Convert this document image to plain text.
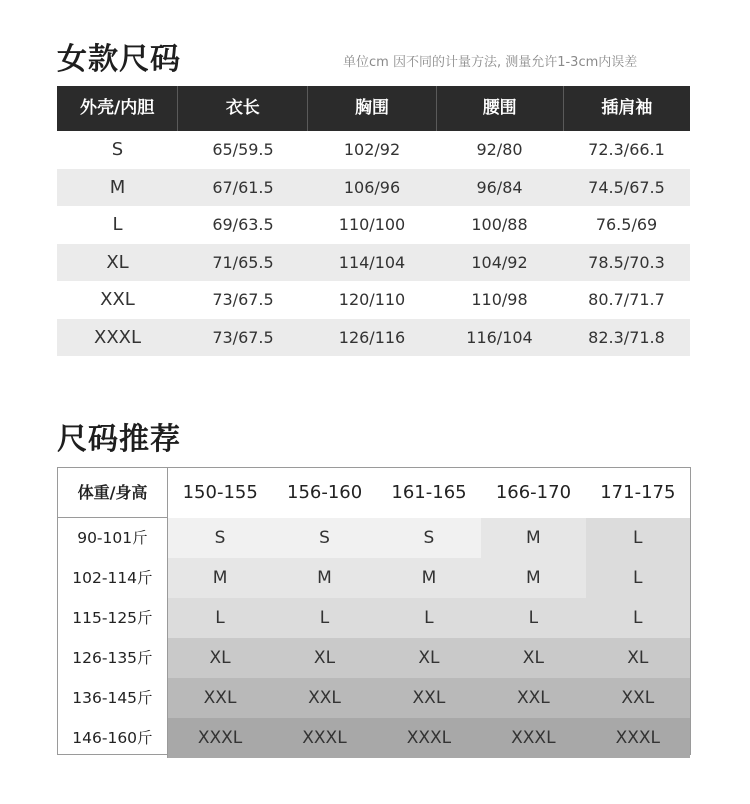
女款尺码	单位cm 因不同的计量方法, 测量允许1-3cm内误差
外壳/内胆	衣长	胸围	腰围	插肩袖
S	65/59.5	102/92	92/80	72.3/66.1
M	67/61.5	106/96	96/84	74.5/67.5
L	69/63.5	110/100	100/88	76.5/69
XL	71/65.5	114/104	104/92	78.5/70.3
XXL	73/67.5	120/110	110/98	80.7/71.7
XXXL	73/67.5	126/116	116/104	82.3/71.8
尺码推荐
体重/身高	150-155	156-160	161-165	166-170	171-175
90-101斤	S	S	S	M	L
102-114斤	M	M	M	M	L
115-125斤	L	L	L	L	L
126-135斤	XL	XL	XL	XL	XL
136-145斤	XXL	XXL	XXL	XXL	XXL
146-160斤	XXXL	XXXL	XXXL	XXXL	XXXL
